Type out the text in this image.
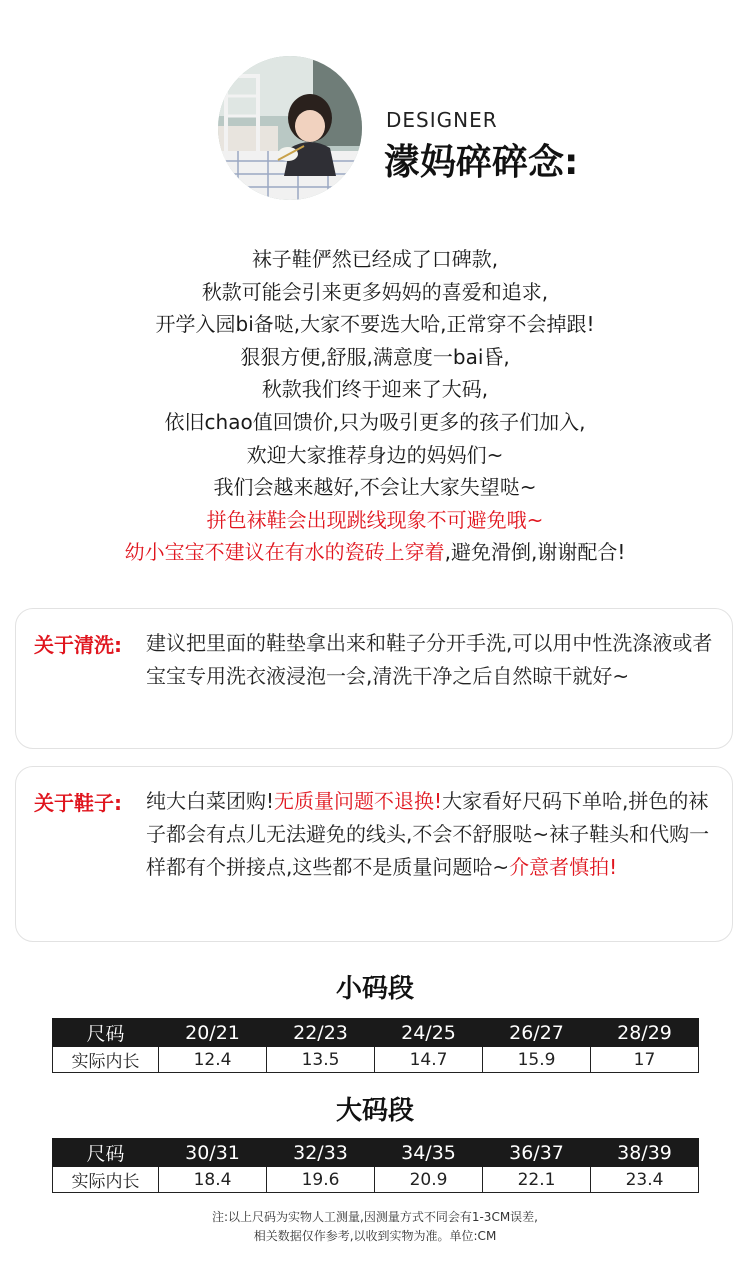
DESIGNER
濛妈碎碎念:
袜子鞋俨然已经成了口碑款,
秋款可能会引来更多妈妈的喜爱和追求,
开学入园bi备哒,大家不要选大哈,正常穿不会掉跟!
狠狠方便,舒服,满意度一bai昏,
秋款我们终于迎来了大码,
依旧chao值回馈价,只为吸引更多的孩子们加入,
欢迎大家推荐身边的妈妈们~
我们会越来越好,不会让大家失望哒~
拼色袜鞋会出现跳线现象不可避免哦~
幼小宝宝不建议在有水的瓷砖上穿着,避免滑倒,谢谢配合!
关于清洗: 建议把里面的鞋垫拿出来和鞋子分开手洗,可以用中性洗涤液或者宝宝专用洗衣液浸泡一会,清洗干净之后自然晾干就好~
关于鞋子: 纯大白菜团购!无质量问题不退换!大家看好尺码下单哈,拼色的袜子都会有点儿无法避免的线头,不会不舒服哒~袜子鞋头和代购一样都有个拼接点,这些都不是质量问题哈~介意者慎拍!
小码段
尺码	20/21	22/23	24/25	26/27	28/29
实际内长	12.4	13.5	14.7	15.9	17
大码段
尺码	30/31	32/33	34/35	36/37	38/39
实际内长	18.4	19.6	20.9	22.1	23.4
注:以上尺码为实物人工测量,因测量方式不同会有1-3CM误差,
相关数据仅作参考,以收到实物为准。单位:CM
